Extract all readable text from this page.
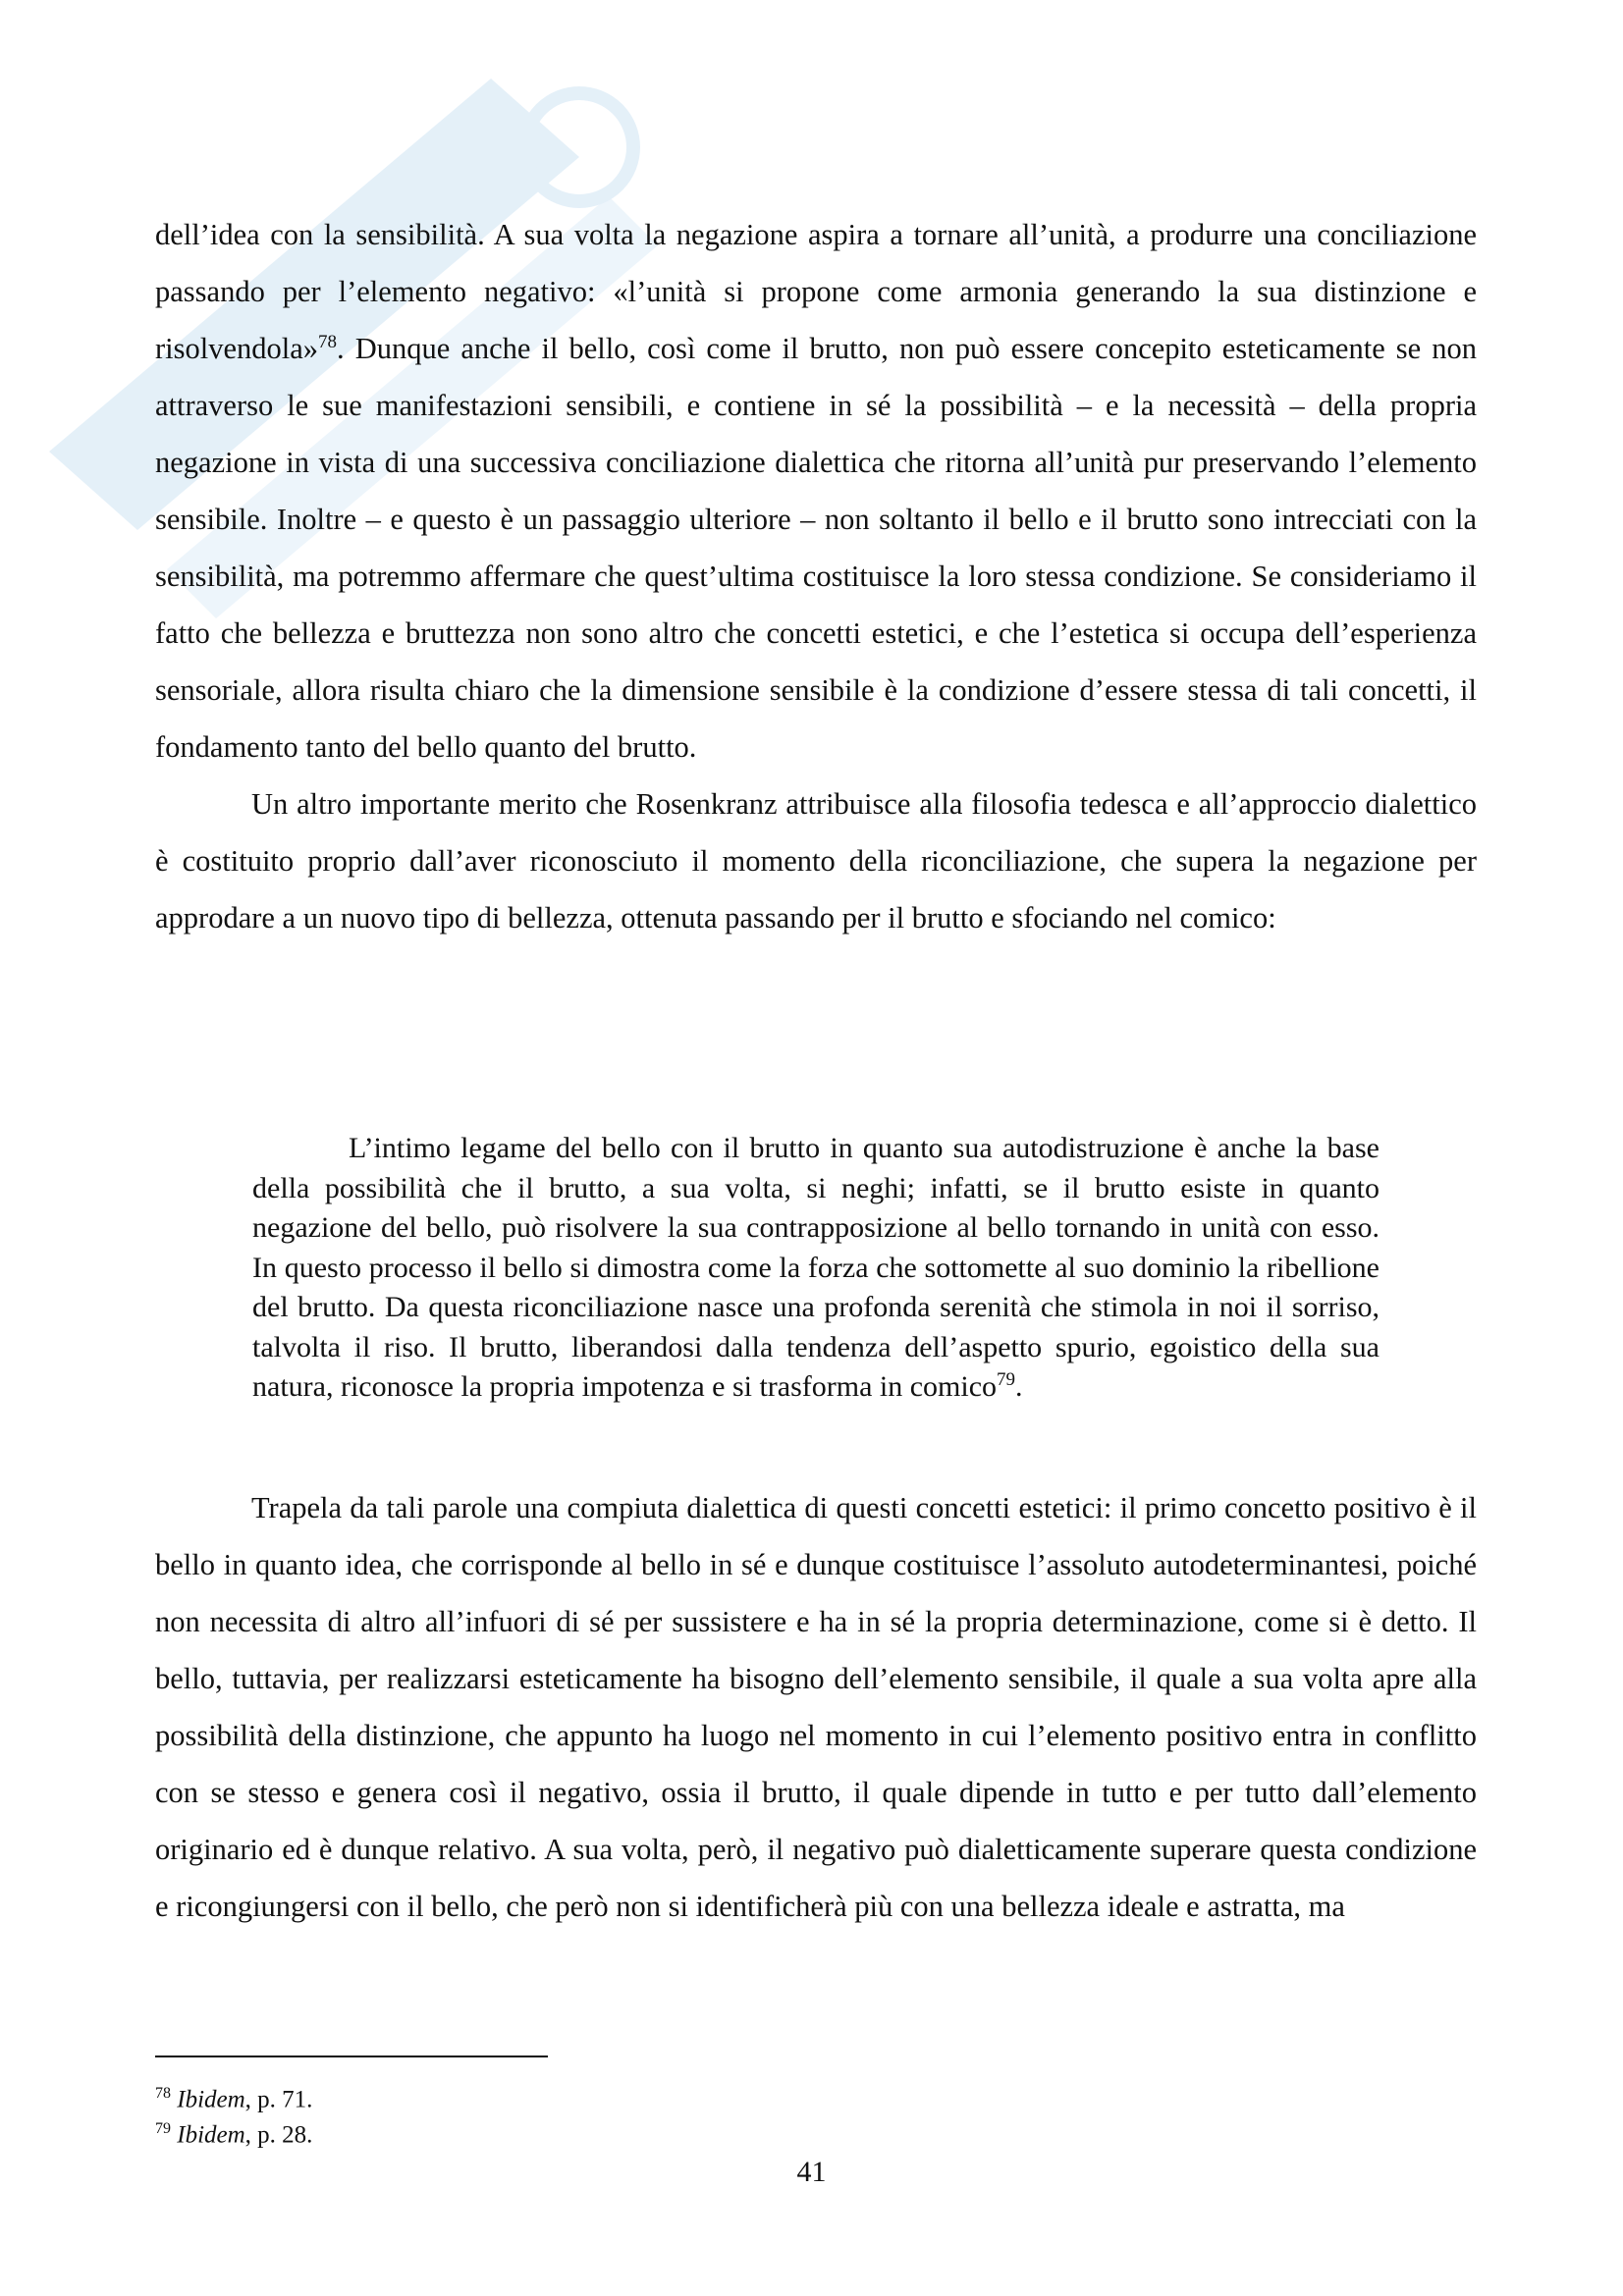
dell’idea con la sensibilità. A sua volta la negazione aspira a tornare all’unità, a produrre una conciliazione passando per l’elemento negativo: «l’unità si propone come armonia generando la sua distinzione e risolvendola»$^{78}$. Dunque anche il bello, così come il brutto, non può essere concepito esteticamente se non attraverso le sue manifestazioni sensibili, e contiene in sé la possibilità – e la necessità – della propria negazione in vista di una successiva conciliazione dialettica che ritorna all’unità pur preservando l’elemento sensibile. Inoltre – e questo è un passaggio ulteriore – non soltanto il bello e il brutto sono intrecciati con la sensibilità, ma potremmo affermare che quest’ultima costituisce la loro stessa condizione. Se consideriamo il fatto che bellezza e bruttezza non sono altro che concetti estetici, e che l’estetica si occupa dell’esperienza sensoriale, allora risulta chiaro che la dimensione sensibile è la condizione d’essere stessa di tali concetti, il fondamento tanto del bello quanto del brutto.

Un altro importante merito che Rosenkranz attribuisce alla filosofia tedesca e all’approccio dialettico è costituito proprio dall’aver riconosciuto il momento della riconciliazione, che supera la negazione per approdare a un nuovo tipo di bellezza, ottenuta passando per il brutto e sfociando nel comico:

L’intimo legame del bello con il brutto in quanto sua autodistruzione è anche la base della possibilità che il brutto, a sua volta, si neghi; infatti, se il brutto esiste in quanto negazione del bello, può risolvere la sua contrapposizione al bello tornando in unità con esso. In questo processo il bello si dimostra come la forza che sottomette al suo dominio la ribellione del brutto. Da questa riconciliazione nasce una profonda serenità che stimola in noi il sorriso, talvolta il riso. Il brutto, liberandosi dalla tendenza dell’aspetto spurio, egoistico della sua natura, riconosce la propria impotenza e si trasforma in comico$^{79}$.

Trapela da tali parole una compiuta dialettica di questi concetti estetici: il primo concetto positivo è il bello in quanto idea, che corrisponde al bello in sé e dunque costituisce l’assoluto autodeterminantesi, poiché non necessita di altro all’infuori di sé per sussistere e ha in sé la propria determinazione, come si è detto. Il bello, tuttavia, per realizzarsi esteticamente ha bisogno dell’elemento sensibile, il quale a sua volta apre alla possibilità della distinzione, che appunto ha luogo nel momento in cui l’elemento positivo entra in conflitto con se stesso e genera così il negativo, ossia il brutto, il quale dipende in tutto e per tutto dall’elemento originario ed è dunque relativo. A sua volta, però, il negativo può dialetticamente superare questa condizione e ricongiungersi con il bello, che però non si identificherà più con una bellezza ideale e astratta, ma

$^{78}$ Ibidem, p. 71.

$^{79}$ Ibidem, p. 28.

41
